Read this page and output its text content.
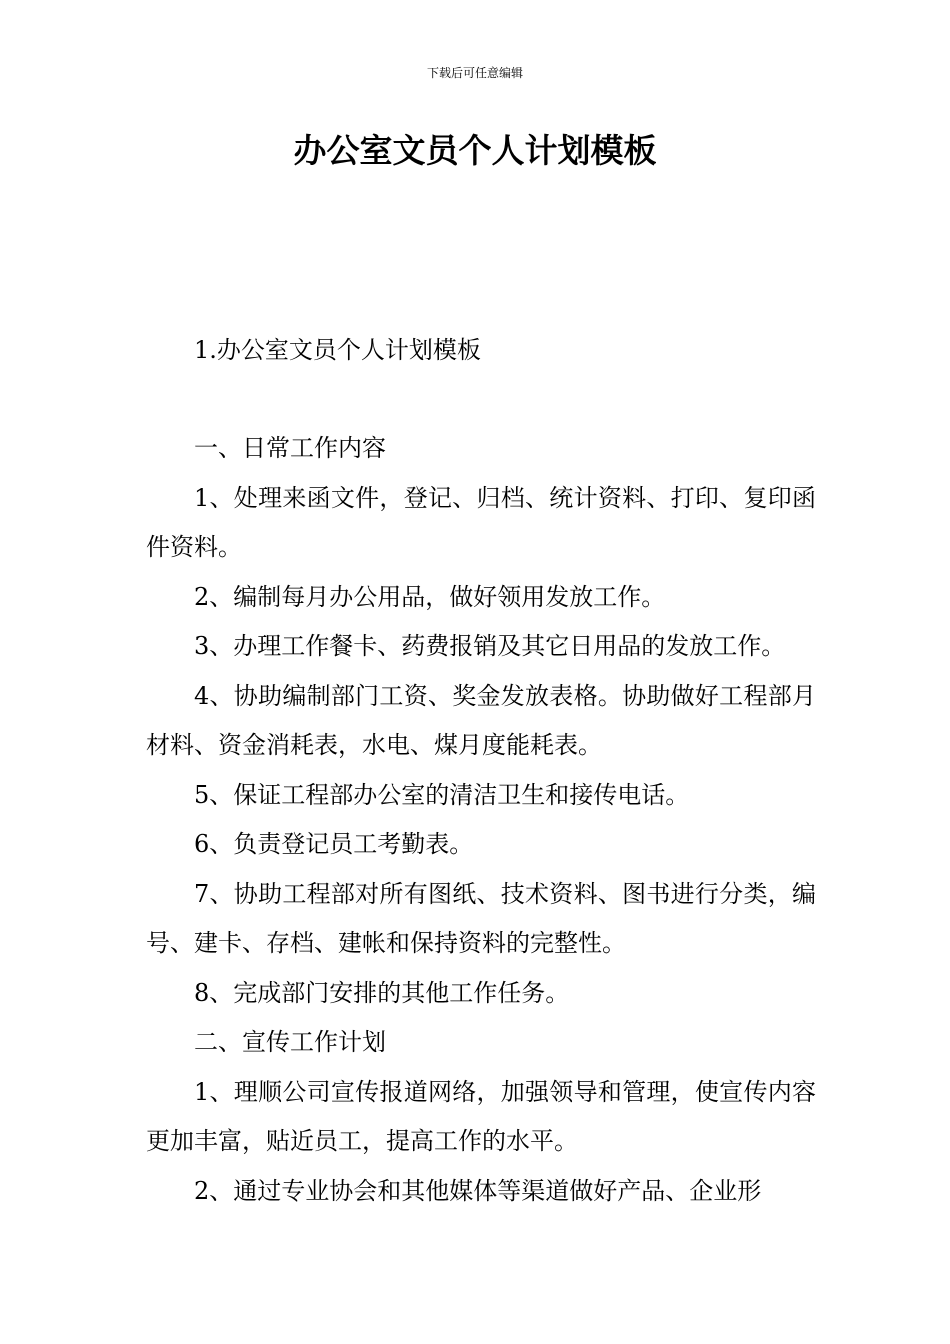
下载后可任意编辑
办公室文员个人计划模板

1.办公室文员个人计划模板

一、日常工作内容

1、处理来函文件，登记、归档、统计资料、打印、复印函件资料。

2、编制每月办公用品，做好领用发放工作。

3、办理工作餐卡、药费报销及其它日用品的发放工作。

4、协助编制部门工资、奖金发放表格。协助做好工程部月材料、资金消耗表，水电、煤月度能耗表。

5、保证工程部办公室的清洁卫生和接传电话。

6、负责登记员工考勤表。

7、协助工程部对所有图纸、技术资料、图书进行分类，编号、建卡、存档、建帐和保持资料的完整性。

8、完成部门安排的其他工作任务。

二、宣传工作计划

1、理顺公司宣传报道网络，加强领导和管理，使宣传内容更加丰富，贴近员工，提高工作的水平。

2、通过专业协会和其他媒体等渠道做好产品、企业形
